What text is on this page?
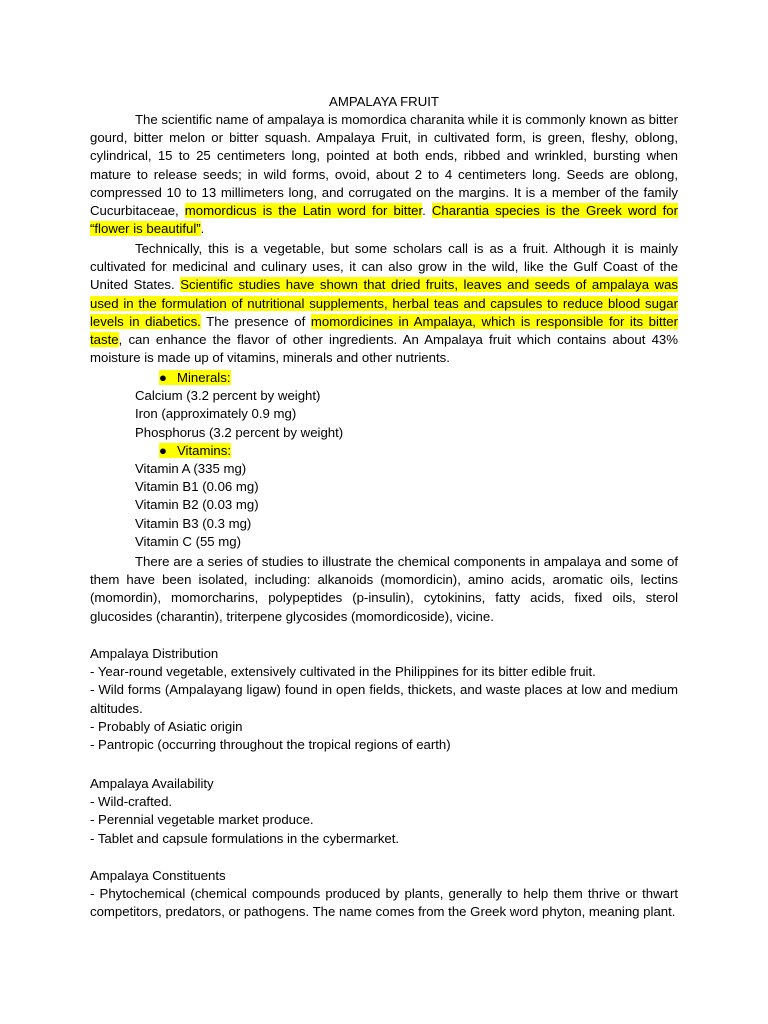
AMPALAYA FRUIT
The scientific name of ampalaya is momordica charanita while it is commonly known as bitter gourd, bitter melon or bitter squash. Ampalaya Fruit, in cultivated form, is green, fleshy, oblong, cylindrical, 15 to 25 centimeters long, pointed at both ends, ribbed and wrinkled, bursting when mature to release seeds; in wild forms, ovoid, about 2 to 4 centimeters long. Seeds are oblong, compressed 10 to 13 millimeters long, and corrugated on the margins. It is a member of the family Cucurbitaceae, momordicus is the Latin word for bitter. Charantia species is the Greek word for “flower is beautiful”.
Technically, this is a vegetable, but some scholars call is as a fruit. Although it is mainly cultivated for medicinal and culinary uses, it can also grow in the wild, like the Gulf Coast of the United States. Scientific studies have shown that dried fruits, leaves and seeds of ampalaya was used in the formulation of nutritional supplements, herbal teas and capsules to reduce blood sugar levels in diabetics. The presence of momordicines in Ampalaya, which is responsible for its bitter taste, can enhance the flavor of other ingredients. An Ampalaya fruit which contains about 43% moisture is made up of vitamins, minerals and other nutrients.
● Minerals:
Calcium (3.2 percent by weight)
Iron (approximately 0.9 mg)
Phosphorus (3.2 percent by weight)
● Vitamins:
Vitamin A (335 mg)
Vitamin B1 (0.06 mg)
Vitamin B2 (0.03 mg)
Vitamin B3 (0.3 mg)
Vitamin C (55 mg)
There are a series of studies to illustrate the chemical components in ampalaya and some of them have been isolated, including: alkanoids (momordicin), amino acids, aromatic oils, lectins (momordin), momorcharins, polypeptides (p-insulin), cytokinins, fatty acids, fixed oils, sterol glucosides (charantin), triterpene glycosides (momordicoside), vicine.
Ampalaya Distribution
- Year-round vegetable, extensively cultivated in the Philippines for its bitter edible fruit.
- Wild forms (Ampalayang ligaw) found in open fields, thickets, and waste places at low and medium altitudes.
- Probably of Asiatic origin
- Pantropic (occurring throughout the tropical regions of earth)
Ampalaya Availability
- Wild-crafted.
- Perennial vegetable market produce.
- Tablet and capsule formulations in the cybermarket.
Ampalaya Constituents
- Phytochemical (chemical compounds produced by plants, generally to help them thrive or thwart competitors, predators, or pathogens. The name comes from the Greek word phyton, meaning plant.
